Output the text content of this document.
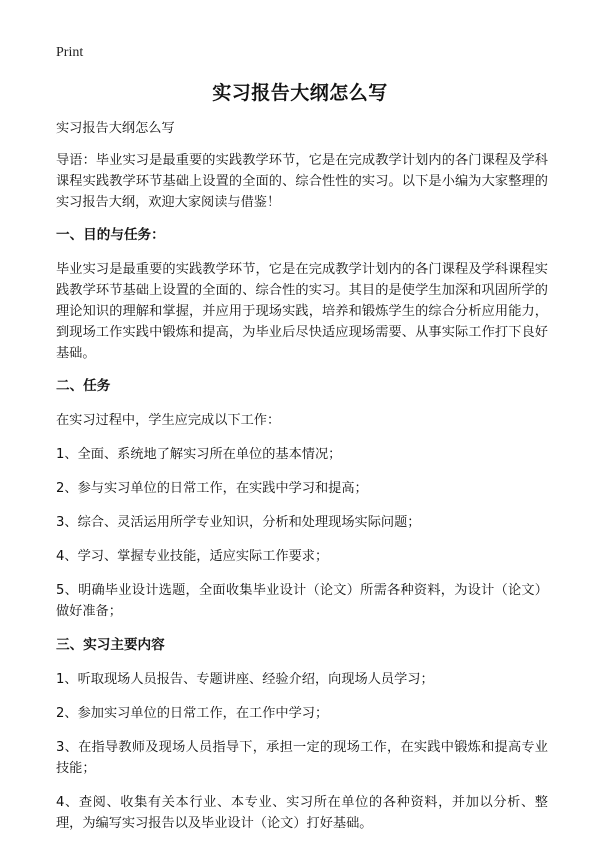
Print
实习报告大纲怎么写

实习报告大纲怎么写

导语：毕业实习是最重要的实践教学环节，它是在完成教学计划内的各门课程及学科课程实践教学环节基础上设置的全面的、综合性性的实习。以下是小编为大家整理的实习报告大纲，欢迎大家阅读与借鉴！

一、目的与任务：

毕业实习是最重要的实践教学环节，它是在完成教学计划内的各门课程及学科课程实践教学环节基础上设置的全面的、综合性的实习。其目的是使学生加深和巩固所学的理论知识的理解和掌握，并应用于现场实践，培养和锻炼学生的综合分析应用能力，到现场工作实践中锻炼和提高，为毕业后尽快适应现场需要、从事实际工作打下良好基础。

二、任务

在实习过程中，学生应完成以下工作：

1、全面、系统地了解实习所在单位的基本情况；

2、参与实习单位的日常工作，在实践中学习和提高；

3、综合、灵活运用所学专业知识，分析和处理现场实际问题；

4、学习、掌握专业技能，适应实际工作要求；

5、明确毕业设计选题，全面收集毕业设计（论文）所需各种资料，为设计（论文）做好准备；

三、实习主要内容

1、听取现场人员报告、专题讲座、经验介绍，向现场人员学习；

2、参加实习单位的日常工作，在工作中学习；

3、在指导教师及现场人员指导下，承担一定的现场工作，在实践中锻炼和提高专业技能；

4、查阅、收集有关本行业、本专业、实习所在单位的各种资料，并加以分析、整理，为编写实习报告以及毕业设计（论文）打好基础。
